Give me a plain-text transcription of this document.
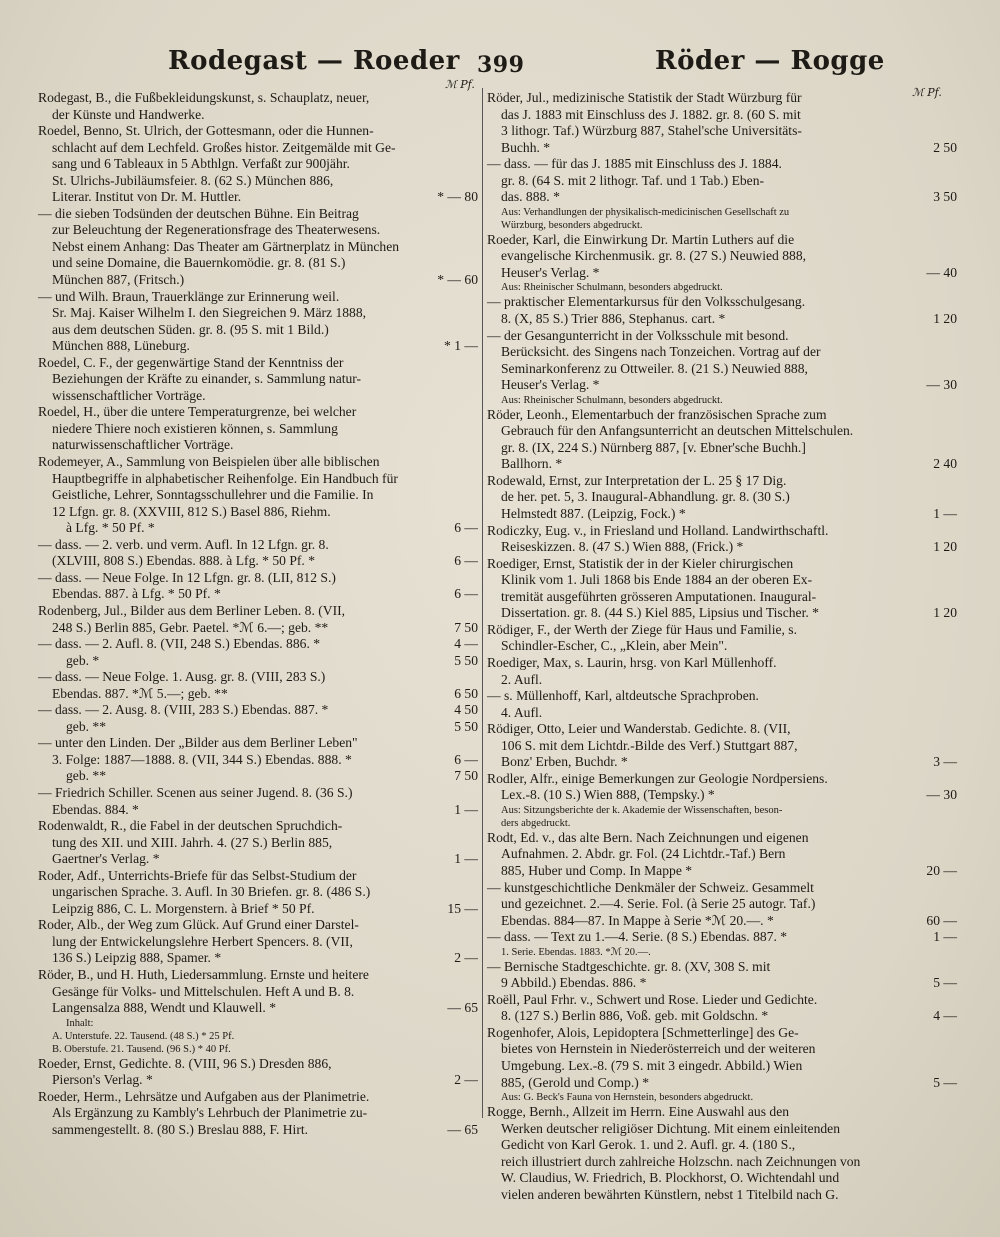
Rodegast — Roeder 399	Röder — Rogge
ℳ Pf.
ℳ Pf.
Rodegast, B., die Fußbekleidungskunst, s. Schauplatz, neuer,
der Künste und Handwerke.
Roedel, Benno, St. Ulrich, der Gottesmann, oder die Hunnen-
schlacht auf dem Lechfeld. Großes histor. Zeitgemälde mit Ge-
sang und 6 Tableaux in 5 Abthlgn. Verfaßt zur 900jähr.
St. Ulrichs-Jubiläumsfeier. 8. (62 S.) München 886,
Literar. Institut von Dr. M. Huttler.	* — 80
— die sieben Todsünden der deutschen Bühne. Ein Beitrag
zur Beleuchtung der Regenerationsfrage des Theaterwesens.
Nebst einem Anhang: Das Theater am Gärtnerplatz in München
und seine Domaine, die Bauernkomödie. gr. 8. (81 S.)
München 887, (Fritsch.)	* — 60
— und Wilh. Braun, Trauerklänge zur Erinnerung weil.
Sr. Maj. Kaiser Wilhelm I. den Siegreichen 9. März 1888,
aus dem deutschen Süden. gr. 8. (95 S. mit 1 Bild.)
München 888, Lüneburg.	* 1 —
Roedel, C. F., der gegenwärtige Stand der Kenntniss der
Beziehungen der Kräfte zu einander, s. Sammlung natur-
wissenschaftlicher Vorträge.
Roedel, H., über die untere Temperaturgrenze, bei welcher
niedere Thiere noch existieren können, s. Sammlung
naturwissenschaftlicher Vorträge.
Rodemeyer, A., Sammlung von Beispielen über alle biblischen
Hauptbegriffe in alphabetischer Reihenfolge. Ein Handbuch für
Geistliche, Lehrer, Sonntagsschullehrer und die Familie. In
12 Lfgn. gr. 8. (XXVIII, 812 S.) Basel 886, Riehm.
à Lfg. * 50 Pf. *	6 —
— dass. — 2. verb. und verm. Aufl. In 12 Lfgn. gr. 8.
(XLVIII, 808 S.) Ebendas. 888. à Lfg. * 50 Pf. *	6 —
— dass. — Neue Folge. In 12 Lfgn. gr. 8. (LII, 812 S.)
Ebendas. 887. à Lfg. * 50 Pf. *	6 —
Rodenberg, Jul., Bilder aus dem Berliner Leben. 8. (VII,
248 S.) Berlin 885, Gebr. Paetel. *ℳ 6.—; geb. **	7 50
— dass. — 2. Aufl. 8. (VII, 248 S.) Ebendas. 886. *	4 —
geb. *	5 50
— dass. — Neue Folge. 1. Ausg. gr. 8. (VIII, 283 S.)
Ebendas. 887. *ℳ 5.—; geb. **	6 50
— dass. — 2. Ausg. 8. (VIII, 283 S.) Ebendas. 887. *	4 50
geb. **	5 50
— unter den Linden. Der „Bilder aus dem Berliner Leben"
3. Folge: 1887—1888. 8. (VII, 344 S.) Ebendas. 888. *	6 —
geb. **	7 50
— Friedrich Schiller. Scenen aus seiner Jugend. 8. (36 S.)
Ebendas. 884. *	1 —
Rodenwaldt, R., die Fabel in der deutschen Spruchdich-
tung des XII. und XIII. Jahrh. 4. (27 S.) Berlin 885,
Gaertner's Verlag. *	1 —
Roder, Adf., Unterrichts-Briefe für das Selbst-Studium der
ungarischen Sprache. 3. Aufl. In 30 Briefen. gr. 8. (486 S.)
Leipzig 886, C. L. Morgenstern. à Brief * 50 Pf.	15 —
Roder, Alb., der Weg zum Glück. Auf Grund einer Darstel-
lung der Entwickelungslehre Herbert Spencers. 8. (VII,
136 S.) Leipzig 888, Spamer. *	2 —
Röder, B., und H. Huth, Liedersammlung. Ernste und heitere
Gesänge für Volks- und Mittelschulen. Heft A und B. 8.
Langensalza 888, Wendt und Klauwell. *	— 65
Inhalt:
A. Unterstufe. 22. Tausend. (48 S.) * 25 Pf.
B. Oberstufe. 21. Tausend. (96 S.) * 40 Pf.
Roeder, Ernst, Gedichte. 8. (VIII, 96 S.) Dresden 886,
Pierson's Verlag. *	2 —
Roeder, Herm., Lehrsätze und Aufgaben aus der Planimetrie.
Als Ergänzung zu Kambly's Lehrbuch der Planimetrie zu-
sammengestellt. 8. (80 S.) Breslau 888, F. Hirt.	— 65
Röder, Jul., medizinische Statistik der Stadt Würzburg für
das J. 1883 mit Einschluss des J. 1882. gr. 8. (60 S. mit
3 lithogr. Taf.) Würzburg 887, Stahel'sche Universitäts-
Buchh. *	2 50
— dass. — für das J. 1885 mit Einschluss des J. 1884.
gr. 8. (64 S. mit 2 lithogr. Taf. und 1 Tab.) Eben-
das. 888. *	3 50
Aus: Verhandlungen der physikalisch-medicinischen Gesellschaft zu
Würzburg, besonders abgedruckt.
Roeder, Karl, die Einwirkung Dr. Martin Luthers auf die
evangelische Kirchenmusik. gr. 8. (27 S.) Neuwied 888,
Heuser's Verlag. *	— 40
Aus: Rheinischer Schulmann, besonders abgedruckt.
— praktischer Elementarkursus für den Volksschulgesang.
8. (X, 85 S.) Trier 886, Stephanus. cart. *	1 20
— der Gesangunterricht in der Volksschule mit besond.
Berücksicht. des Singens nach Tonzeichen. Vortrag auf der
Seminarkonferenz zu Ottweiler. 8. (21 S.) Neuwied 888,
Heuser's Verlag. *	— 30
Aus: Rheinischer Schulmann, besonders abgedruckt.
Röder, Leonh., Elementarbuch der französischen Sprache zum
Gebrauch für den Anfangsunterricht an deutschen Mittelschulen.
gr. 8. (IX, 224 S.) Nürnberg 887, [v. Ebner'sche Buchh.]
Ballhorn. *	2 40
Rodewald, Ernst, zur Interpretation der L. 25 § 17 Dig.
de her. pet. 5, 3. Inaugural-Abhandlung. gr. 8. (30 S.)
Helmstedt 887. (Leipzig, Fock.) *	1 —
Rodiczky, Eug. v., in Friesland und Holland. Landwirthschaftl.
Reiseskizzen. 8. (47 S.) Wien 888, (Frick.) *	1 20
Roediger, Ernst, Statistik der in der Kieler chirurgischen
Klinik vom 1. Juli 1868 bis Ende 1884 an der oberen Ex-
tremität ausgeführten grösseren Amputationen. Inaugural-
Dissertation. gr. 8. (44 S.) Kiel 885, Lipsius und Tischer. *	1 20
Rödiger, F., der Werth der Ziege für Haus und Familie, s.
Schindler-Escher, C., „Klein, aber Mein".
Roediger, Max, s. Laurin, hrsg. von Karl Müllenhoff.
2. Aufl.
— s. Müllenhoff, Karl, altdeutsche Sprachproben.
4. Aufl.
Rödiger, Otto, Leier und Wanderstab. Gedichte. 8. (VII,
106 S. mit dem Lichtdr.-Bilde des Verf.) Stuttgart 887,
Bonz' Erben, Buchdr. *	3 —
Rodler, Alfr., einige Bemerkungen zur Geologie Nordpersiens.
Lex.-8. (10 S.) Wien 888, (Tempsky.) *	— 30
Aus: Sitzungsberichte der k. Akademie der Wissenschaften, beson-
ders abgedruckt.
Rodt, Ed. v., das alte Bern. Nach Zeichnungen und eigenen
Aufnahmen. 2. Abdr. gr. Fol. (24 Lichtdr.-Taf.) Bern
885, Huber und Comp. In Mappe *	20 —
— kunstgeschichtliche Denkmäler der Schweiz. Gesammelt
und gezeichnet. 2.—4. Serie. Fol. (à Serie 25 autogr. Taf.)
Ebendas. 884—87. In Mappe à Serie *ℳ 20.—. *	60 —
— dass. — Text zu 1.—4. Serie. (8 S.) Ebendas. 887. *	1 —
1. Serie. Ebendas. 1883. *ℳ 20.—.
— Bernische Stadtgeschichte. gr. 8. (XV, 308 S. mit
9 Abbild.) Ebendas. 886. *	5 —
Roëll, Paul Frhr. v., Schwert und Rose. Lieder und Gedichte.
8. (127 S.) Berlin 886, Voß. geb. mit Goldschn. *	4 —
Rogenhofer, Alois, Lepidoptera [Schmetterlinge] des Ge-
bietes von Hernstein in Niederösterreich und der weiteren
Umgebung. Lex.-8. (79 S. mit 3 eingedr. Abbild.) Wien
885, (Gerold und Comp.) *	5 —
Aus: G. Beck's Fauna von Hernstein, besonders abgedruckt.
Rogge, Bernh., Allzeit im Herrn. Eine Auswahl aus den
Werken deutscher religiöser Dichtung. Mit einem einleitenden
Gedicht von Karl Gerok. 1. und 2. Aufl. gr. 4. (180 S.,
reich illustriert durch zahlreiche Holzschn. nach Zeichnungen von
W. Claudius, W. Friedrich, B. Plockhorst, O. Wichtendahl und
vielen anderen bewährten Künstlern, nebst 1 Titelbild nach G.
